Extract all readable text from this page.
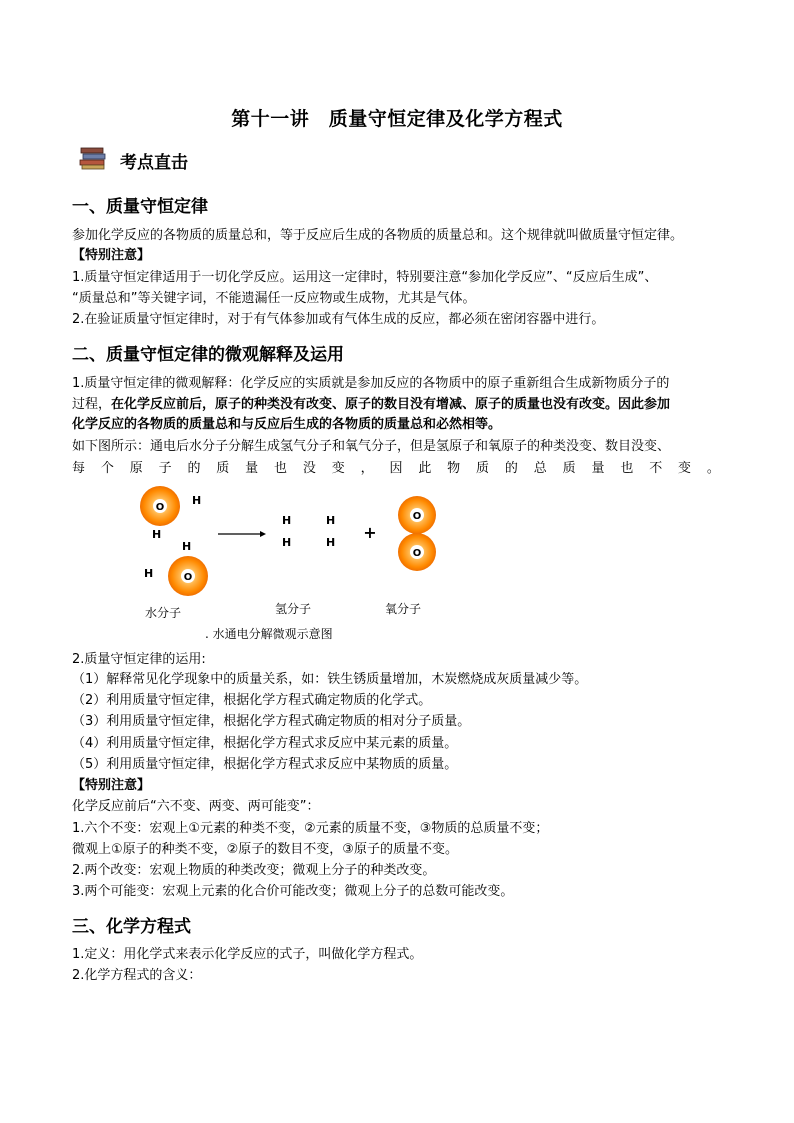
第十一讲　质量守恒定律及化学方程式
考点直击
一、质量守恒定律
参加化学反应的各物质的质量总和，等于反应后生成的各物质的质量总和。这个规律就叫做质量守恒定律。
【特别注意】
1.质量守恒定律适用于一切化学反应。运用这一定律时，特别要注意“参加化学反应”、“反应后生成”、
“质量总和”等关键字词，不能遗漏任一反应物或生成物，尤其是气体。
2.在验证质量守恒定律时，对于有气体参加或有气体生成的反应，都必须在密闭容器中进行。
二、质量守恒定律的微观解释及运用
1.质量守恒定律的微观解释：化学反应的实质就是参加反应的各物质中的原子重新组合生成新物质分子的
过程，在化学反应前后，原子的种类没有改变、原子的数目没有增减、原子的质量也没有改变。因此参加
化学反应的各物质的质量总和与反应后生成的各物质的质量总和必然相等。
如下图所示：通电后水分子分解生成氢气分子和氧气分子，但是氢原子和氧原子的种类没变、数目没变、
每 个 原 子 的 质 量 也 没 变 ， 因 此 物 质 的 总 质 量 也 不 变 。
O
H
H
O
H
H
H
H
H
H
+
O
O
水分子	氢分子	氧分子
. 水通电分解微观示意图
2.质量守恒定律的运用:
（1）解释常见化学现象中的质量关系，如：铁生锈质量增加，木炭燃烧成灰质量减少等。
（2）利用质量守恒定律，根据化学方程式确定物质的化学式。
（3）利用质量守恒定律，根据化学方程式确定物质的相对分子质量。
（4）利用质量守恒定律，根据化学方程式求反应中某元素的质量。
（5）利用质量守恒定律，根据化学方程式求反应中某物质的质量。
【特别注意】
化学反应前后“六不变、两变、两可能变”：
1.六个不变：宏观上①元素的种类不变，②元素的质量不变，③物质的总质量不变；
微观上①原子的种类不变，②原子的数目不变，③原子的质量不变。
2.两个改变：宏观上物质的种类改变；微观上分子的种类改变。
3.两个可能变：宏观上元素的化合价可能改变；微观上分子的总数可能改变。
三、化学方程式
1.定义：用化学式来表示化学反应的式子，叫做化学方程式。
2.化学方程式的含义：
